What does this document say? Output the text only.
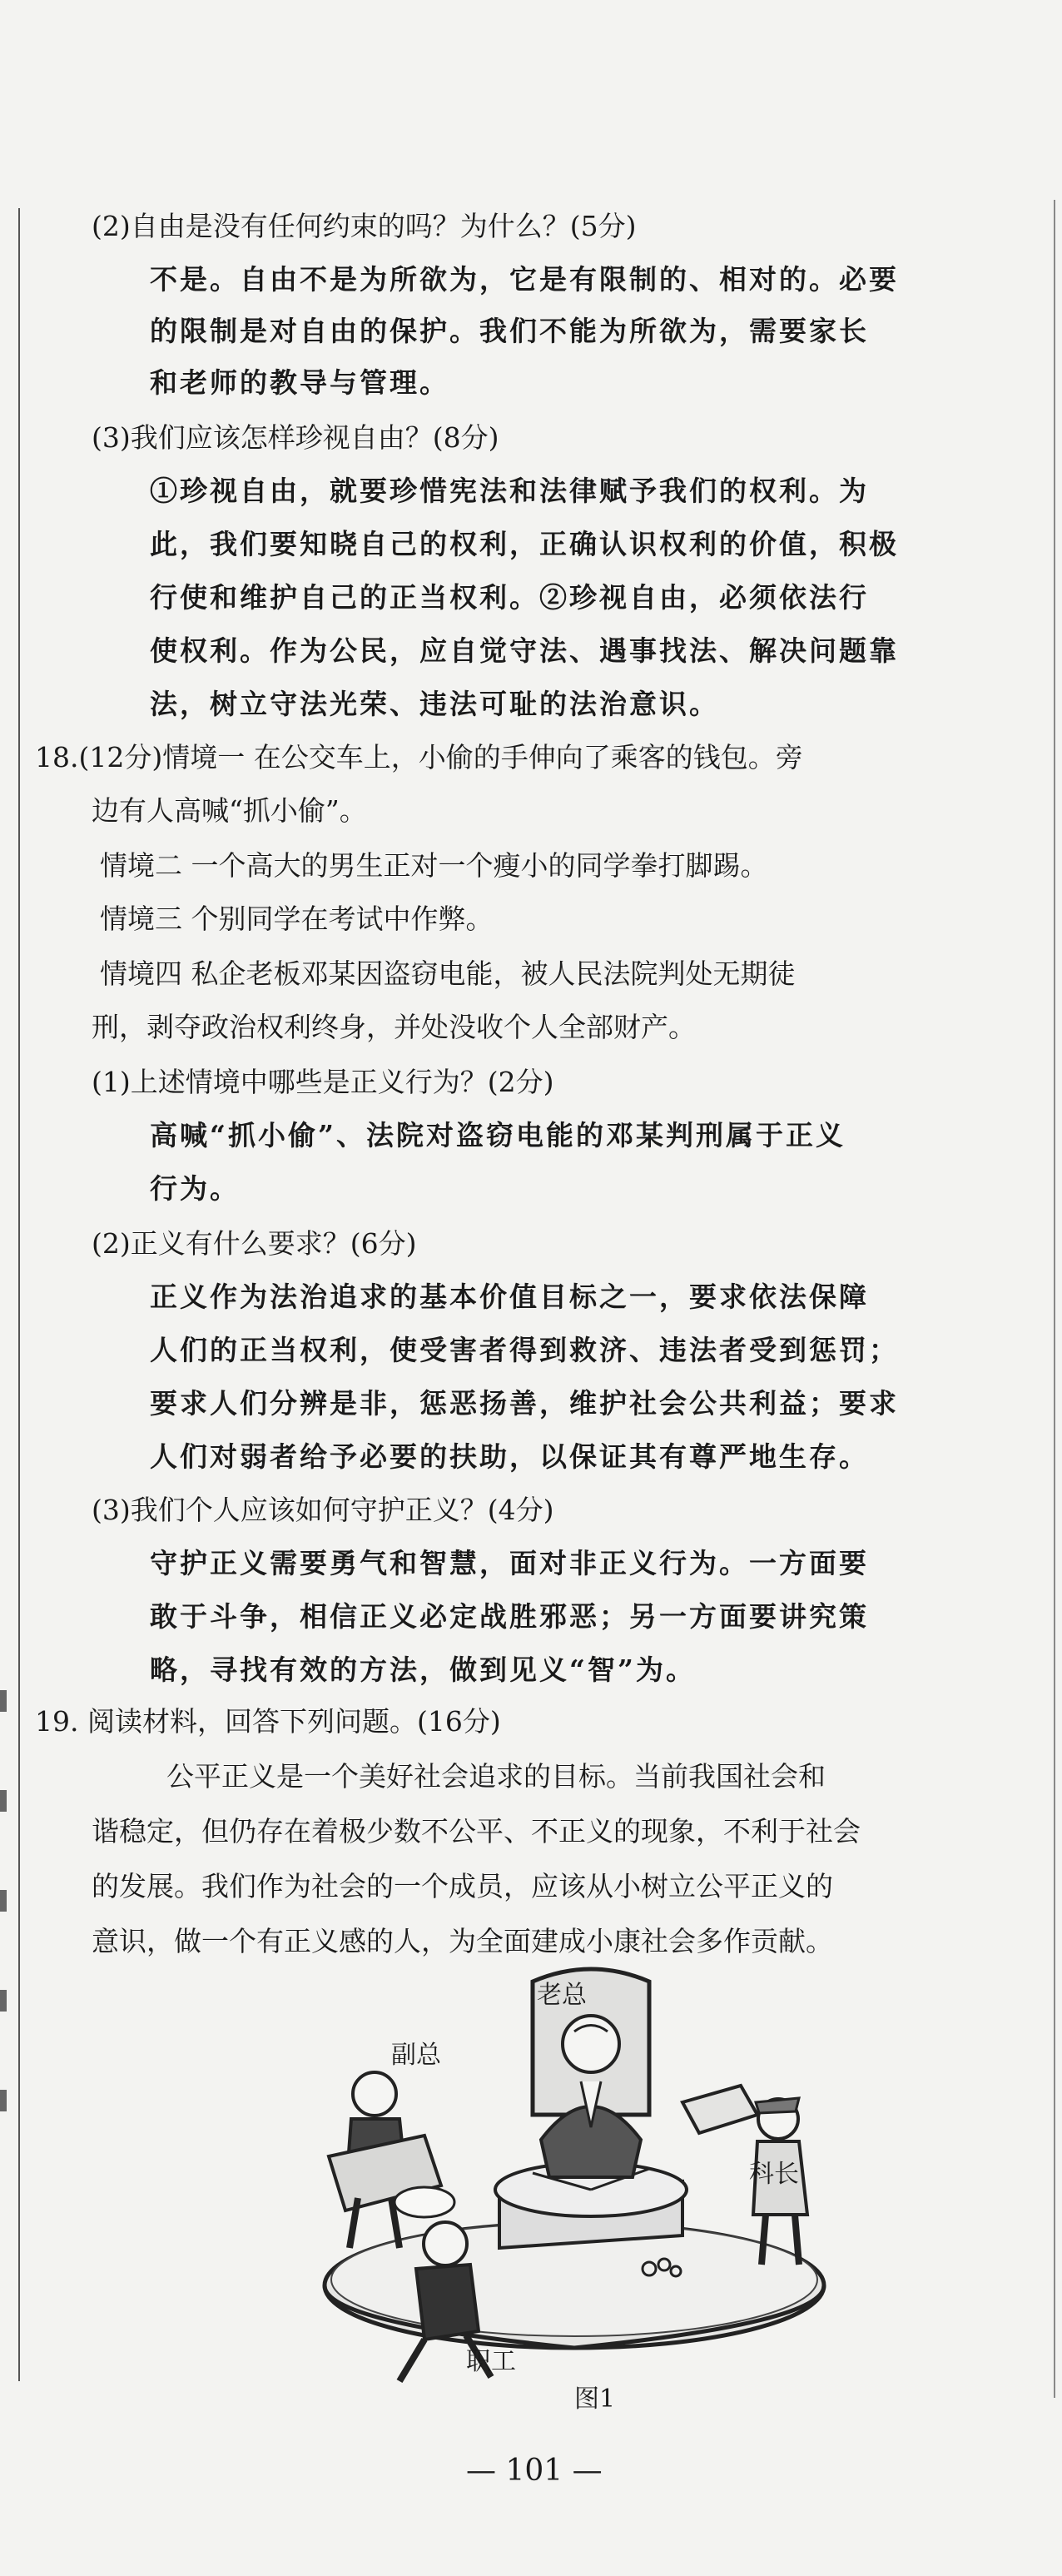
(2)自由是没有任何约束的吗？为什么？(5分)
不是。自由不是为所欲为，它是有限制的、相对的。必要
的限制是对自由的保护。我们不能为所欲为，需要家长
和老师的教导与管理。
(3)我们应该怎样珍视自由？(8分)
①珍视自由，就要珍惜宪法和法律赋予我们的权利。为
此，我们要知晓自己的权利，正确认识权利的价值，积极
行使和维护自己的正当权利。②珍视自由，必须依法行
使权利。作为公民，应自觉守法、遇事找法、解决问题靠
法，树立守法光荣、违法可耻的法治意识。
18.(12分)情境一 在公交车上，小偷的手伸向了乘客的钱包。旁
边有人高喊“抓小偷”。
情境二 一个高大的男生正对一个瘦小的同学拳打脚踢。
情境三 个别同学在考试中作弊。
情境四 私企老板邓某因盗窃电能，被人民法院判处无期徒
刑，剥夺政治权利终身，并处没收个人全部财产。
(1)上述情境中哪些是正义行为？(2分)
高喊“抓小偷”、法院对盗窃电能的邓某判刑属于正义
行为。
(2)正义有什么要求？(6分)
正义作为法治追求的基本价值目标之一，要求依法保障
人们的正当权利，使受害者得到救济、违法者受到惩罚；
要求人们分辨是非，惩恶扬善，维护社会公共利益；要求
人们对弱者给予必要的扶助，以保证其有尊严地生存。
(3)我们个人应该如何守护正义？(4分)
守护正义需要勇气和智慧，面对非正义行为。一方面要
敢于斗争，相信正义必定战胜邪恶；另一方面要讲究策
略，寻找有效的方法，做到见义“智”为。
19. 阅读材料，回答下列问题。(16分)
公平正义是一个美好社会追求的目标。当前我国社会和
谐稳定，但仍存在着极少数不公平、不正义的现象，不利于社会
的发展。我们作为社会的一个成员，应该从小树立公平正义的
意识，做一个有正义感的人，为全面建成小康社会多作贡献。
老总
副总
科长
职工
图1
— 101 —
